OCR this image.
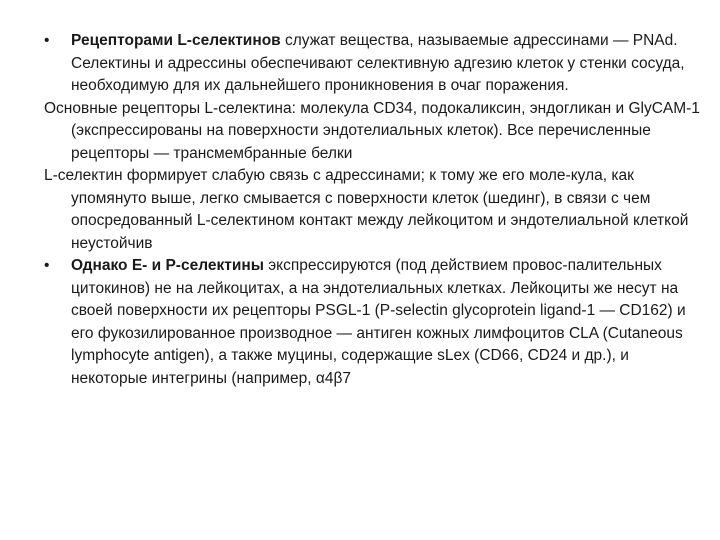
• Рецепторами L-селектинов служат вещества, называемые адрессинами — PNAd. Селектины и адрессины обеспечивают селективную адгезию клеток у стенки сосуда, необходимую для их дальнейшего проникновения в очаг поражения.

Основные рецепторы L-селектина: молекула CD34, подокаликсин, эндогликан и GlyCAM-1 (экспрессированы на поверхности эндотелиальных клеток). Все перечисленные рецепторы — трансмембранные белки

L-селектин формирует слабую связь с адрессинами; к тому же его моле-кула, как упомянуто выше, легко смывается с поверхности клеток (шединг), в связи с чем опосредованный L-селектином контакт между лейкоцитом и эндотелиальной клеткой неустойчив

• Однако Е- и Р-селектины экспрессируются (под действием провос-палительных цитокинов) не на лейкоцитах, а на эндотелиальных клетках. Лейкоциты же несут на своей поверхности их рецепторы PSGL-1 (P-selectin glycoprotein ligand-1 — CD162) и его фукозилированное производное — антиген кожных лимфоцитов CLA (Cutaneous lymphocyte antigen), а также муцины, содержащие sLex (CD66, CD24 и др.), и некоторые интегрины (например, α4β7
